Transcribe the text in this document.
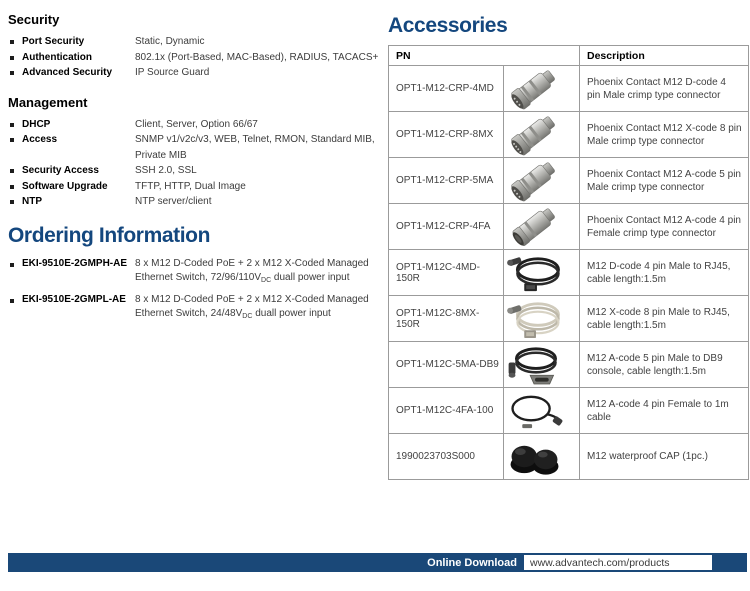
Security
Port Security	Static, Dynamic
Authentication	802.1x (Port-Based, MAC-Based), RADIUS, TACACS+
Advanced Security	IP Source Guard
Management
DHCP	Client, Server, Option 66/67
Access	SNMP v1/v2c/v3, WEB, Telnet, RMON, Standard MIB, Private MIB
Security Access	SSH 2.0, SSL
Software Upgrade	TFTP, HTTP, Dual Image
NTP	NTP server/client
Ordering Information
EKI-9510E-2GMPH-AE 8 x M12 D-Coded PoE + 2 x M12 X-Coded Managed Ethernet Switch, $72/96/110V_{DC}$ duall power input
EKI-9510E-2GMPL-AE 8 x M12 D-Coded PoE + 2 x M12 X-Coded Managed Ethernet Switch, $24/48V_{DC}$ duall power input
Accessories
PN		Description
OPT1-M12-CRP-4MD		Phoenix Contact M12 D-code 4 pin Male crimp type connector
OPT1-M12-CRP-8MX		Phoenix Contact M12 X-code 8 pin Male crimp type connector
OPT1-M12-CRP-5MA		Phoenix Contact M12 A-code 5 pin Male crimp type connector
OPT1-M12-CRP-4FA		Phoenix Contact M12 A-code 4 pin Female crimp type connector
OPT1-M12C-4MD-150R		M12 D-code 4 pin Male to RJ45, cable length:1.5m
OPT1-M12C-8MX-150R		M12 X-code 8 pin Male to RJ45, cable length:1.5m
OPT1-M12C-5MA-DB9		M12 A-code 5 pin Male to DB9 console, cable length:1.5m
OPT1-M12C-4FA-100		M12 A-code 4 pin Female to 1m cable
1990023703S000		M12 waterproof CAP (1pc.)
Online Download www.advantech.com/products
